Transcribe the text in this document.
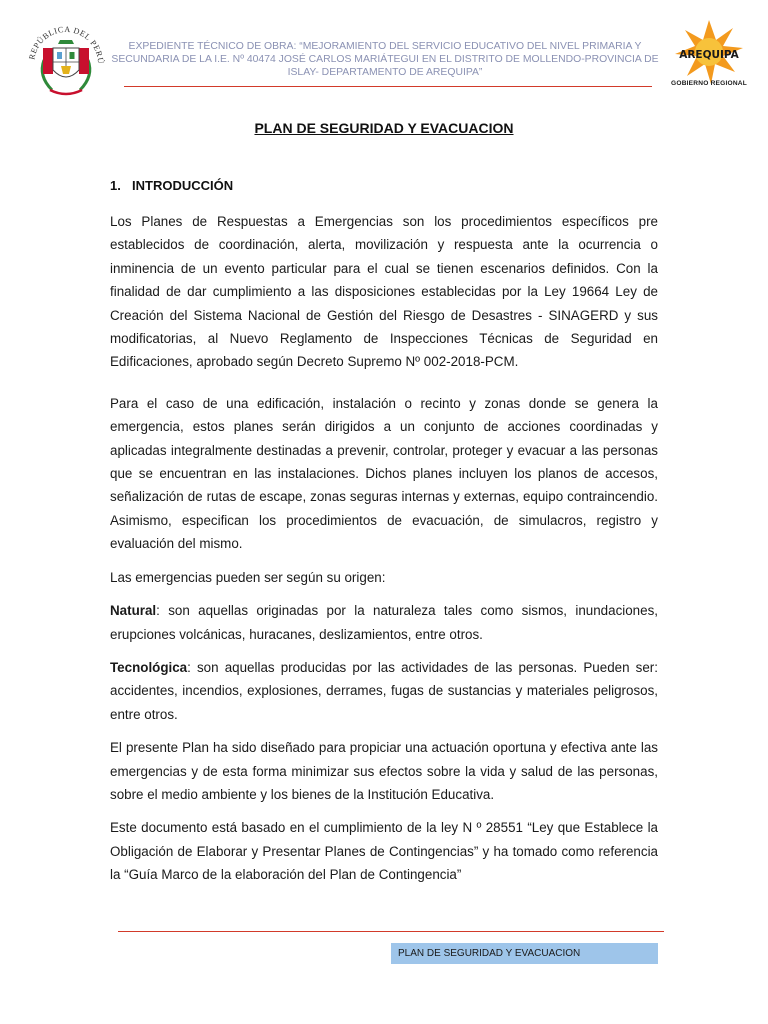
REPÚBLICA DEL PERÚ
EXPEDIENTE TÉCNICO DE OBRA: “MEJORAMIENTO DEL SERVICIO EDUCATIVO DEL NIVEL PRIMARIA Y
SECUNDARIA DE LA I.E. Nº 40474 JOSÉ CARLOS MARIÁTEGUI EN EL DISTRITO DE MOLLENDO-PROVINCIA DE
ISLAY- DEPARTAMENTO DE AREQUIPA”
AREQUIPA
GOBIERNO REGIONAL
PLAN DE SEGURIDAD Y EVACUACION
1. INTRODUCCIÓN

Los Planes de Respuestas a Emergencias son los procedimientos específicos pre establecidos de coordinación, alerta, movilización y respuesta ante la ocurrencia o inminencia de un evento particular para el cual se tienen escenarios definidos. Con la finalidad de dar cumplimiento a las disposiciones establecidas por la Ley 19664 Ley de Creación del Sistema Nacional de Gestión del Riesgo de Desastres - SINAGERD y sus modificatorias, al Nuevo Reglamento de Inspecciones Técnicas de Seguridad en Edificaciones, aprobado según Decreto Supremo Nº 002-2018-PCM.

Para el caso de una edificación, instalación o recinto y zonas donde se genera la emergencia, estos planes serán dirigidos a un conjunto de acciones coordinadas y aplicadas integralmente destinadas a prevenir, controlar, proteger y evacuar a las personas que se encuentran en las instalaciones. Dichos planes incluyen los planos de accesos, señalización de rutas de escape, zonas seguras internas y externas, equipo contraincendio. Asimismo, especifican los procedimientos de evacuación, de simulacros, registro y evaluación del mismo.

Las emergencias pueden ser según su origen:

Natural: son aquellas originadas por la naturaleza tales como sismos, inundaciones, erupciones volcánicas, huracanes, deslizamientos, entre otros.

Tecnológica: son aquellas producidas por las actividades de las personas. Pueden ser: accidentes, incendios, explosiones, derrames, fugas de sustancias y materiales peligrosos, entre otros.

El presente Plan ha sido diseñado para propiciar una actuación oportuna y efectiva ante las emergencias y de esta forma minimizar sus efectos sobre la vida y salud de las personas, sobre el medio ambiente y los bienes de la Institución Educativa.

Este documento está basado en el cumplimiento de la ley N º 28551 “Ley que Establece la Obligación de Elaborar y Presentar Planes de Contingencias” y ha tomado como referencia la “Guía Marco de la elaboración del Plan de Contingencia”

PLAN DE SEGURIDAD Y EVACUACION
